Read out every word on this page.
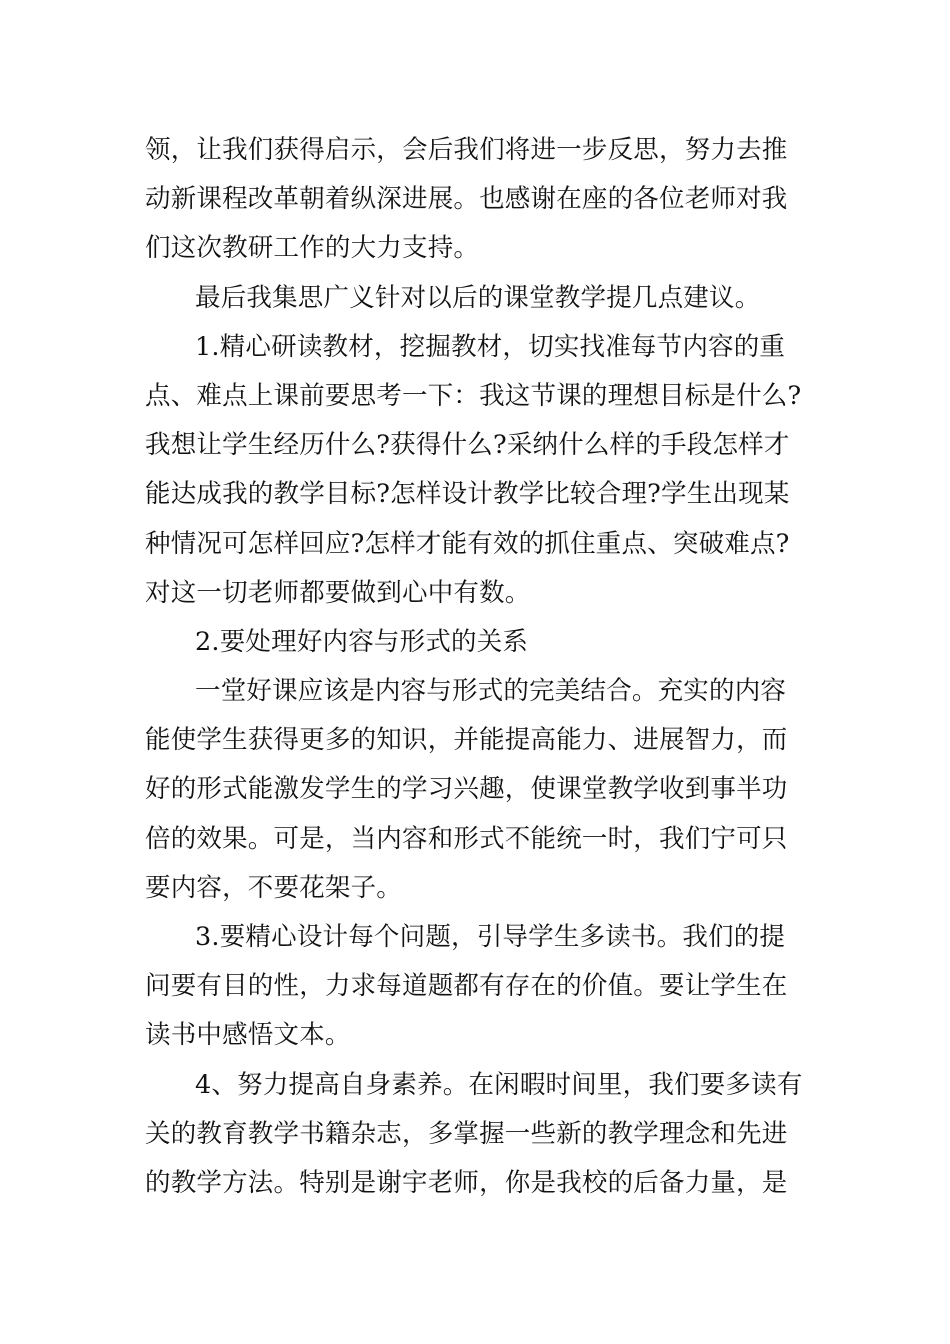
领，让我们获得启示，会后我们将进一步反思，努力去推
动新课程改革朝着纵深进展。也感谢在座的各位老师对我
们这次教研工作的大力支持。
最后我集思广义针对以后的课堂教学提几点建议。
1.精心研读教材，挖掘教材，切实找准每节内容的重
点、难点上课前要思考一下：我这节课的理想目标是什么?
我想让学生经历什么?获得什么?采纳什么样的手段怎样才
能达成我的教学目标?怎样设计教学比较合理?学生出现某
种情况可怎样回应?怎样才能有效的抓住重点、突破难点?
对这一切老师都要做到心中有数。
2.要处理好内容与形式的关系
一堂好课应该是内容与形式的完美结合。充实的内容
能使学生获得更多的知识，并能提高能力、进展智力，而
好的形式能激发学生的学习兴趣，使课堂教学收到事半功
倍的效果。可是，当内容和形式不能统一时，我们宁可只
要内容，不要花架子。
3.要精心设计每个问题，引导学生多读书。我们的提
问要有目的性，力求每道题都有存在的价值。要让学生在
读书中感悟文本。
4、努力提高自身素养。在闲暇时间里，我们要多读有
关的教育教学书籍杂志，多掌握一些新的教学理念和先进
的教学方法。特别是谢宇老师，你是我校的后备力量，是
